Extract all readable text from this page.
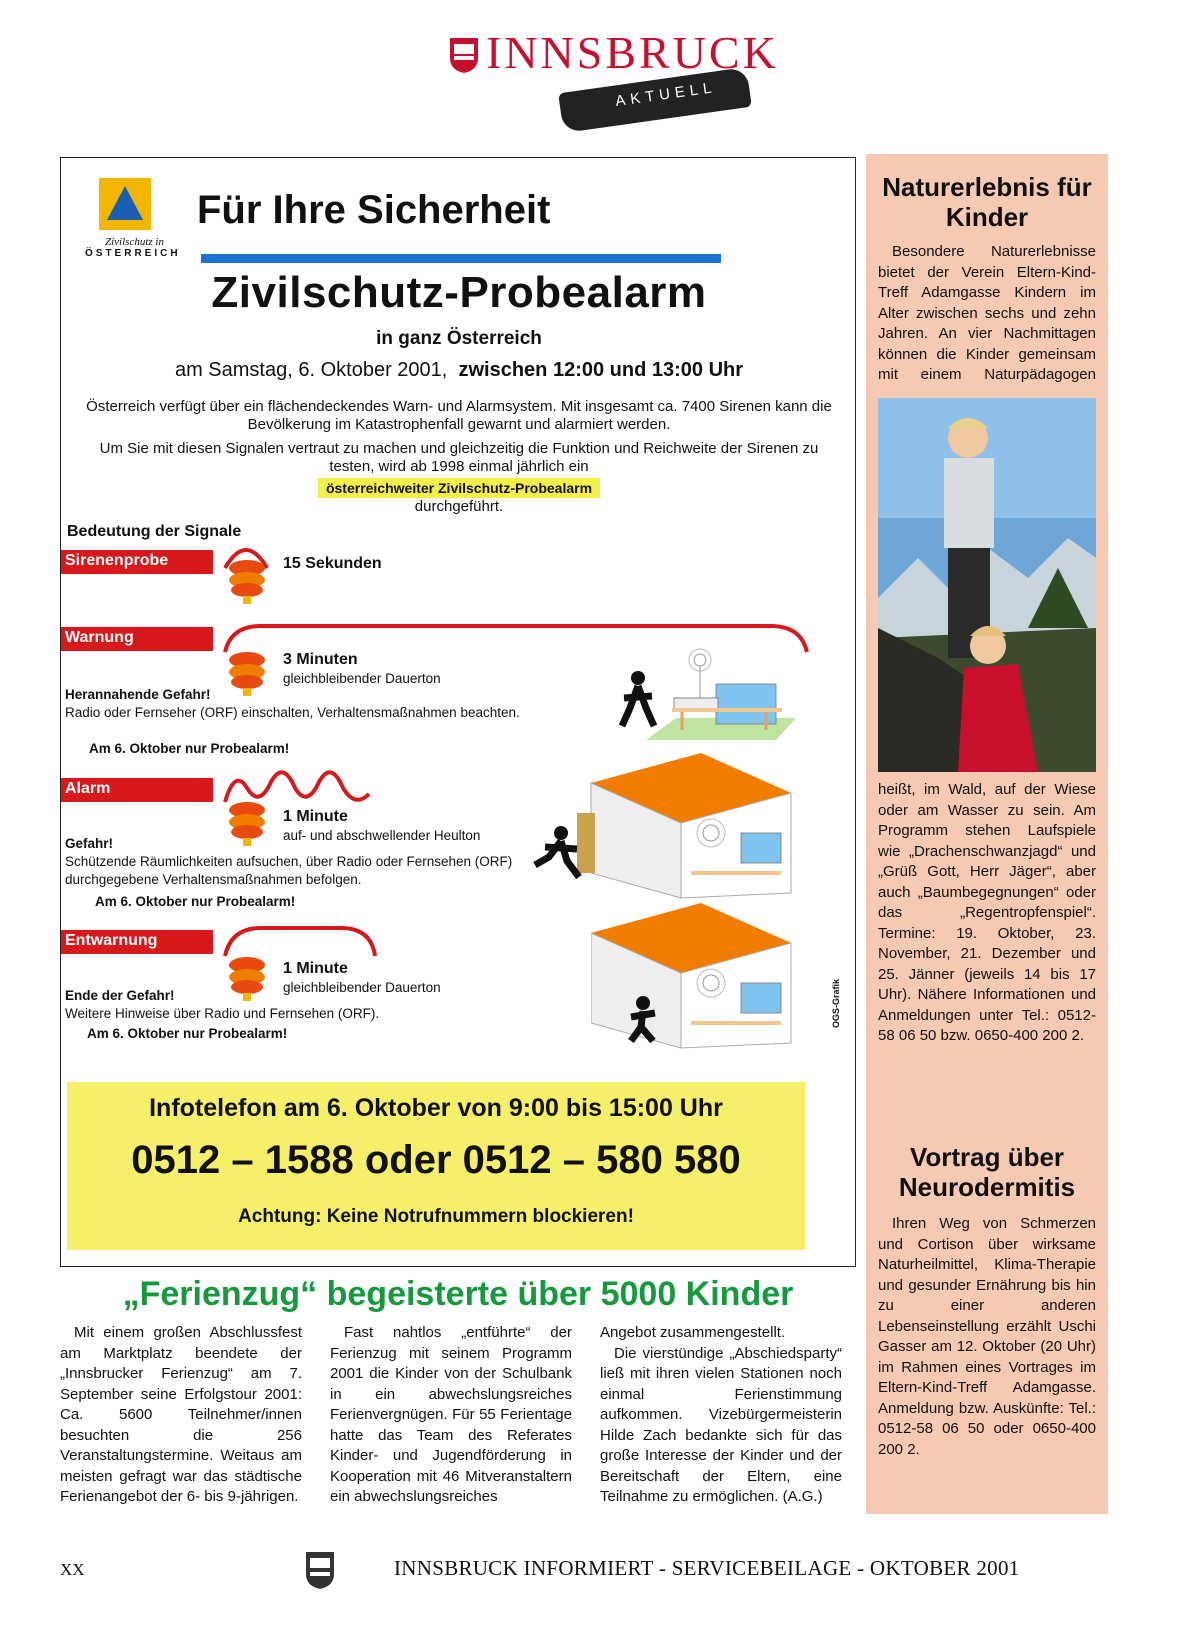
INNSBRUCK
AKTUELL
Zivilschutz in
ÖSTERREICH
Für Ihre Sicherheit
Zivilschutz-Probealarm
in ganz Österreich
am Samstag, 6. Oktober 2001, zwischen 12:00 und 13:00 Uhr

Österreich verfügt über ein flächendeckendes Warn- und Alarmsystem. Mit insgesamt ca. 7400 Sirenen kann die Bevölkerung im Katastrophenfall gewarnt und alarmiert werden.

Um Sie mit diesen Signalen vertraut zu machen und gleichzeitig die Funktion und Reichweite der Sirenen zu testen, wird ab 1998 einmal jährlich ein

österreichweiter Zivilschutz-Probealarm
durchgeführt.
Bedeutung der Signale
Sirenenprobe	15 Sekunden
Warnung
3 Minuten
gleichbleibender Dauerton
Herannahende Gefahr!
Radio oder Fernseher (ORF) einschalten, Verhaltensmaßnahmen beachten.
Am 6. Oktober nur Probealarm!
Alarm
1 Minute
auf- und abschwellender Heulton
Gefahr!
Schützende Räumlichkeiten aufsuchen, über Radio oder Fernsehen (ORF) durchgegebene Verhaltensmaßnahmen befolgen.
Am 6. Oktober nur Probealarm!
Entwarnung
1 Minute
gleichbleibender Dauerton
Ende der Gefahr!
Weitere Hinweise über Radio und Fernsehen (ORF).
Am 6. Oktober nur Probealarm!
OGS-Grafik
Infotelefon am 6. Oktober von 9:00 bis 15:00 Uhr
0512 – 1588 oder 0512 – 580 580
Achtung: Keine Notrufnummern blockieren!
„Ferienzug“ begeisterte über 5000 Kinder

Mit einem großen Abschlussfest am Marktplatz beendete der „Innsbrucker Ferienzug“ am 7. September seine Erfolgstour 2001: Ca. 5600 Teilnehmer/innen besuchten die 256 Veranstaltungstermine. Weitaus am meisten gefragt war das städtische Ferienangebot der 6- bis 9-jährigen.

Fast nahtlos „entführte“ der Ferienzug mit seinem Programm 2001 die Kinder von der Schulbank in ein abwechslungsreiches Ferienvergnügen. Für 55 Ferientage hatte das Team des Referates Kinder- und Jugendförderung in Kooperation mit 46 Mitveranstaltern ein abwechslungsreiches

Angebot zusammengestellt.

Die vierstündige „Abschiedsparty“ ließ mit ihren vielen Stationen noch einmal Ferienstimmung aufkommen. Vizebürgermeisterin Hilde Zach bedankte sich für das große Interesse der Kinder und der Bereitschaft der Eltern, eine Teilnahme zu ermöglichen. (A.G.)

Naturerlebnis für Kinder

Besondere Naturerlebnisse bietet der Verein Eltern-Kind-Treff Adamgasse Kindern im Alter zwischen sechs und zehn Jahren. An vier Nachmittagen können die Kinder gemeinsam mit einem Naturpädagogen

heißt, im Wald, auf der Wiese oder am Wasser zu sein. Am Programm stehen Laufspiele wie „Drachenschwanzjagd“ und „Grüß Gott, Herr Jäger“, aber auch „Baumbegegnungen“ oder das „Regentropfenspiel“. Termine: 19. Oktober, 23. November, 21. Dezember und 25. Jänner (jeweils 14 bis 17 Uhr). Nähere Informationen und Anmeldungen unter Tel.: 0512-58 06 50 bzw. 0650-400 200 2.

Vortrag über Neurodermitis

Ihren Weg von Schmerzen und Cortison über wirksame Naturheilmittel, Klima-Therapie und gesunder Ernährung bis hin zu einer anderen Lebenseinstellung erzählt Uschi Gasser am 12. Oktober (20 Uhr) im Rahmen eines Vortrages im Eltern-Kind-Treff Adamgasse. Anmeldung bzw. Auskünfte: Tel.: 0512-58 06 50 oder 0650-400 200 2.

XX	INNSBRUCK INFORMIERT - SERVICEBEILAGE - OKTOBER 2001
